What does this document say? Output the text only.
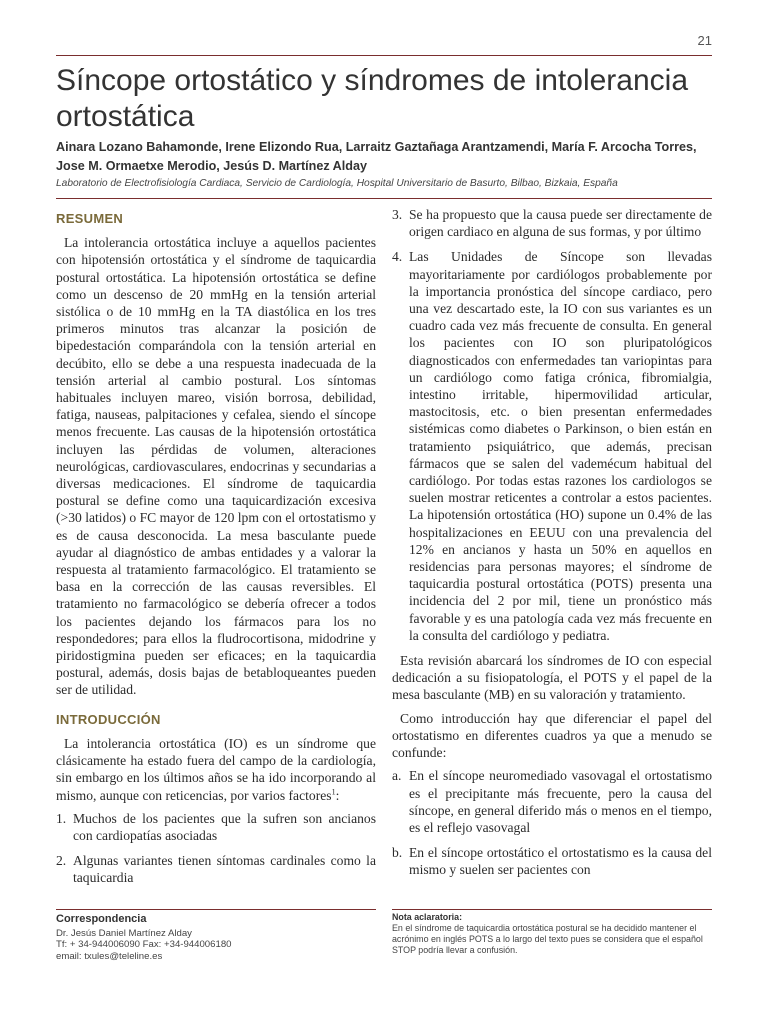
21
Síncope ortostático y síndromes de intolerancia ortostática

Ainara Lozano Bahamonde, Irene Elizondo Rua, Larraitz Gaztañaga Arantzamendi, María F. Arcocha Torres, Jose M. Ormaetxe Merodio, Jesús D. Martínez Alday

Laboratorio de Electrofisiología Cardiaca, Servicio de Cardiología, Hospital Universitario de Basurto, Bilbao, Bizkaia, España

RESUMEN

La intolerancia ortostática incluye a aquellos pacientes con hipotensión ortostática y el síndrome de taquicardia postural ortostática. La hipotensión ortostática se define como un descenso de 20 mmHg en la tensión arterial sistólica o de 10 mmHg en la TA diastólica en los tres primeros minutos tras alcanzar la posición de bipedestación comparándola con la tensión arterial en decúbito, ello se debe a una respuesta inadecuada de la tensión arterial al cambio postural. Los síntomas habituales incluyen mareo, visión borrosa, debilidad, fatiga, nauseas, palpitaciones y cefalea, siendo el síncope menos frecuente. Las causas de la hipotensión ortostática incluyen las pérdidas de volumen, alteraciones neurológicas, cardiovasculares, endocrinas y secundarias a diversas medicaciones. El síndrome de taquicardia postural se define como una taquicardización excesiva (>30 latidos) o FC mayor de 120 lpm con el ortostatismo y es de causa desconocida. La mesa basculante puede ayudar al diagnóstico de ambas entidades y a valorar la respuesta al tratamiento farmacológico. El tratamiento se basa en la corrección de las causas reversibles. El tratamiento no farmacológico se debería ofrecer a todos los pacientes dejando los fármacos para los no respondedores; para ellos la fludrocortisona, midodrine y piridostigmina pueden ser eficaces; en la taquicardia postural, además, dosis bajas de betabloqueantes pueden ser de utilidad.

INTRODUCCIÓN

La intolerancia ortostática (IO) es un síndrome que clásicamente ha estado fuera del campo de la cardiología, sin embargo en los últimos años se ha ido incorporando al mismo, aunque con reticencias, por varios factores$^1$:

1. Muchos de los pacientes que la sufren son ancianos con cardiopatías asociadas
2. Algunas variantes tienen síntomas cardinales como la taquicardia
3. Se ha propuesto que la causa puede ser directamente de origen cardiaco en alguna de sus formas, y por último
4. Las Unidades de Síncope son llevadas mayoritariamente por cardiólogos probablemente por la importancia pronóstica del síncope cardiaco, pero una vez descartado este, la IO con sus variantes es un cuadro cada vez más frecuente de consulta. En general los pacientes con IO son pluripatológicos diagnosticados con enfermedades tan variopintas para un cardiólogo como fatiga crónica, fibromialgia, intestino irritable, hipermovilidad articular, mastocitosis, etc. o bien presentan enfermedades sistémicas como diabetes o Parkinson, o bien están en tratamiento psiquiátrico, que además, precisan fármacos que se salen del vademécum habitual del cardiólogo. Por todas estas razones los cardiologos se suelen mostrar reticentes a controlar a estos pacientes. La hipotensión ortostática (HO) supone un 0.4% de las hospitalizaciones en EEUU con una prevalencia del 12% en ancianos y hasta un 50% en aquellos en residencias para personas mayores; el síndrome de taquicardia postural ortostática (POTS) presenta una incidencia del 2 por mil, tiene un pronóstico más favorable y es una patología cada vez más frecuente en la consulta del cardiólogo y pediatra.

Esta revisión abarcará los síndromes de IO con especial dedicación a su fisiopatología, el POTS y el papel de la mesa basculante (MB) en su valoración y tratamiento.

Como introducción hay que diferenciar el papel del ortostatismo en diferentes cuadros ya que a menudo se confunde:

a. En el síncope neuromediado vasovagal el ortostatismo es el precipitante más frecuente, pero la causa del síncope, en general diferido más o menos en el tiempo, es el reflejo vasovagal
b. En el síncope ortostático el ortostatismo es la causa del mismo y suelen ser pacientes con
Correspondencia
Dr. Jesús Daniel Martínez Alday
Tf: + 34-944006090 Fax: +34-944006180
email: txules@teleline.es
Nota aclaratoria:
En el síndrome de taquicardia ortostática postural se ha decidido mantener el acrónimo en inglés POTS a lo largo del texto pues se considera que el español STOP podría llevar a confusión.
